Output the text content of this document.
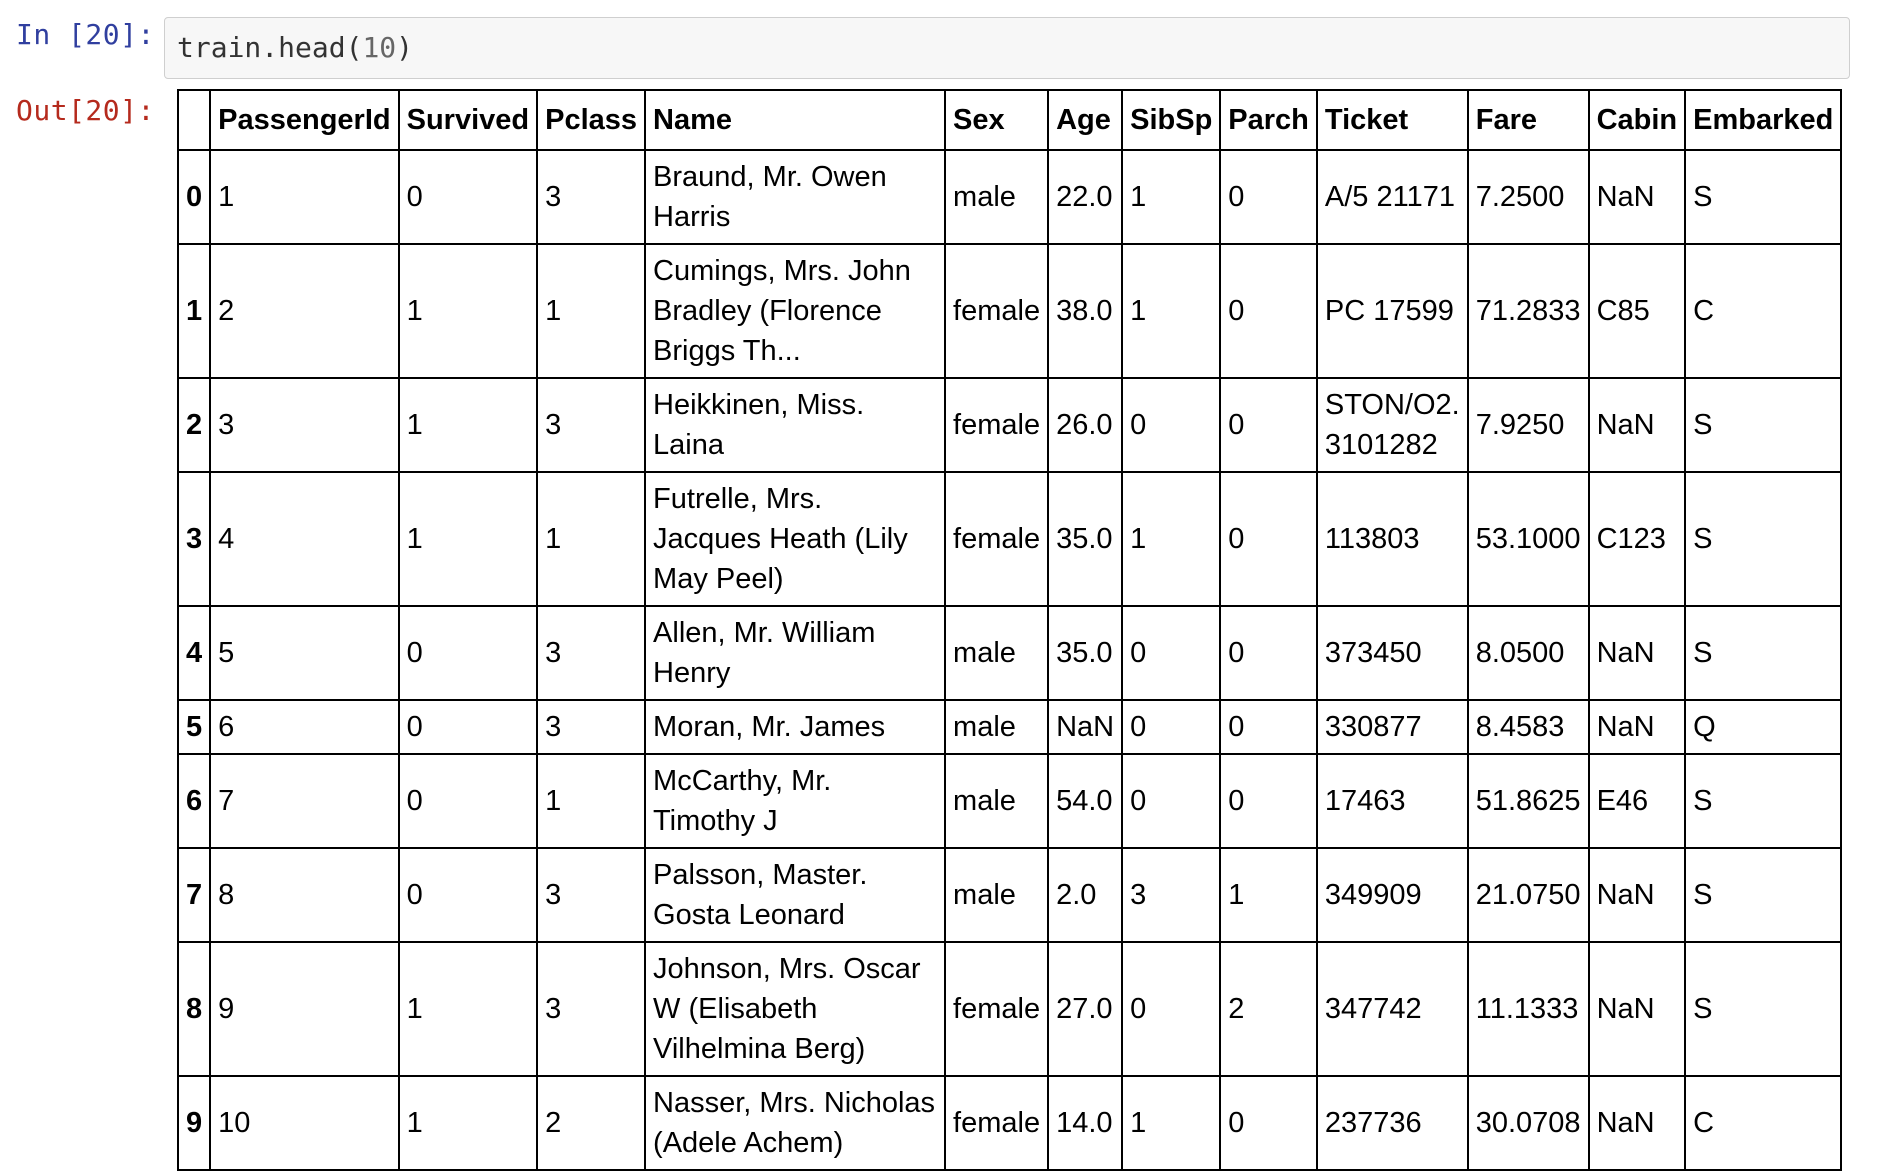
In [20]: train.head(10)
Out[20]:
	PassengerId	Survived	Pclass	Name	Sex	Age	SibSp	Parch	Ticket	Fare	Cabin	Embarked
0	1	0	3	Braund, Mr. Owen Harris	male	22.0	1	0	A/5 21171	7.2500	NaN	S
1	2	1	1	Cumings, Mrs. John Bradley (Florence Briggs Th...	female	38.0	1	0	PC 17599	71.2833	C85	C
2	3	1	3	Heikkinen, Miss. Laina	female	26.0	0	0	STON/O2. 3101282	7.9250	NaN	S
3	4	1	1	Futrelle, Mrs. Jacques Heath (Lily May Peel)	female	35.0	1	0	113803	53.1000	C123	S
4	5	0	3	Allen, Mr. William Henry	male	35.0	0	0	373450	8.0500	NaN	S
5	6	0	3	Moran, Mr. James	male	NaN	0	0	330877	8.4583	NaN	Q
6	7	0	1	McCarthy, Mr. Timothy J	male	54.0	0	0	17463	51.8625	E46	S
7	8	0	3	Palsson, Master. Gosta Leonard	male	2.0	3	1	349909	21.0750	NaN	S
8	9	1	3	Johnson, Mrs. Oscar W (Elisabeth Vilhelmina Berg)	female	27.0	0	2	347742	11.1333	NaN	S
9	10	1	2	Nasser, Mrs. Nicholas (Adele Achem)	female	14.0	1	0	237736	30.0708	NaN	C
